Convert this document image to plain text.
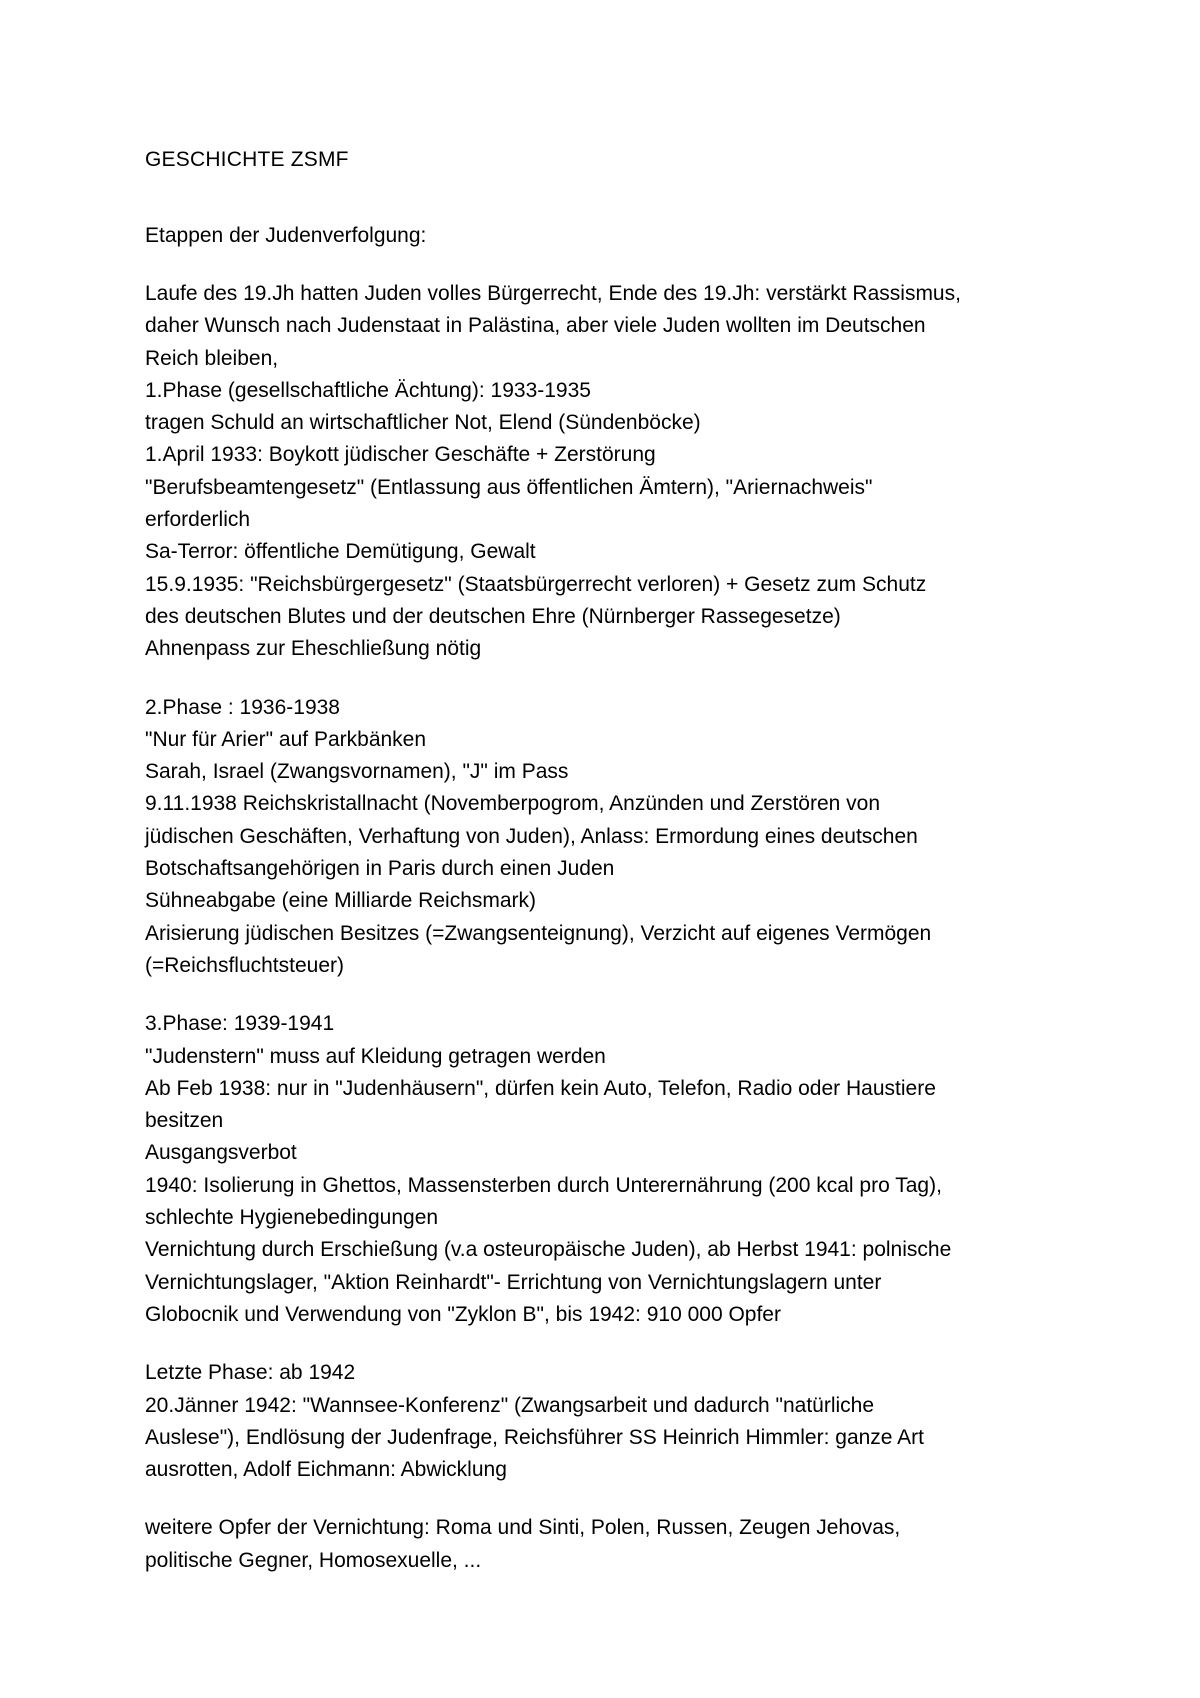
GESCHICHTE ZSMF
Etappen der Judenverfolgung:
Laufe des 19.Jh hatten Juden volles Bürgerrecht, Ende des 19.Jh: verstärkt Rassismus,
daher Wunsch nach Judenstaat in Palästina, aber viele Juden wollten im Deutschen
Reich bleiben,
1.Phase (gesellschaftliche Ächtung): 1933-1935
tragen Schuld an wirtschaftlicher Not, Elend (Sündenböcke)
1.April 1933: Boykott jüdischer Geschäfte + Zerstörung
"Berufsbeamtengesetz" (Entlassung aus öffentlichen Ämtern), "Ariernachweis"
erforderlich
Sa-Terror: öffentliche Demütigung, Gewalt
15.9.1935: "Reichsbürgergesetz" (Staatsbürgerrecht verloren) + Gesetz zum Schutz
des deutschen Blutes und der deutschen Ehre (Nürnberger Rassegesetze)
Ahnenpass zur Eheschließung nötig
2.Phase : 1936-1938
"Nur für Arier" auf Parkbänken
Sarah, Israel (Zwangsvornamen), "J" im Pass
9.11.1938 Reichskristallnacht (Novemberpogrom, Anzünden und Zerstören von
jüdischen Geschäften, Verhaftung von Juden), Anlass: Ermordung eines deutschen
Botschaftsangehörigen in Paris durch einen Juden
Sühneabgabe (eine Milliarde Reichsmark)
Arisierung jüdischen Besitzes (=Zwangsenteignung), Verzicht auf eigenes Vermögen
(=Reichsfluchtsteuer)
3.Phase: 1939-1941
"Judenstern" muss auf Kleidung getragen werden
Ab Feb 1938: nur in "Judenhäusern", dürfen kein Auto, Telefon, Radio oder Haustiere
besitzen
Ausgangsverbot
1940: Isolierung in Ghettos, Massensterben durch Unterernährung (200 kcal pro Tag),
schlechte Hygienebedingungen
Vernichtung durch Erschießung (v.a osteuropäische Juden), ab Herbst 1941: polnische
Vernichtungslager, "Aktion Reinhardt"- Errichtung von Vernichtungslagern unter
Globocnik und Verwendung von "Zyklon B", bis 1942: 910 000 Opfer
Letzte Phase: ab 1942
20.Jänner 1942: "Wannsee-Konferenz" (Zwangsarbeit und dadurch "natürliche
Auslese"), Endlösung der Judenfrage, Reichsführer SS Heinrich Himmler: ganze Art
ausrotten, Adolf Eichmann: Abwicklung
weitere Opfer der Vernichtung: Roma und Sinti, Polen, Russen, Zeugen Jehovas,
politische Gegner, Homosexuelle, ...
